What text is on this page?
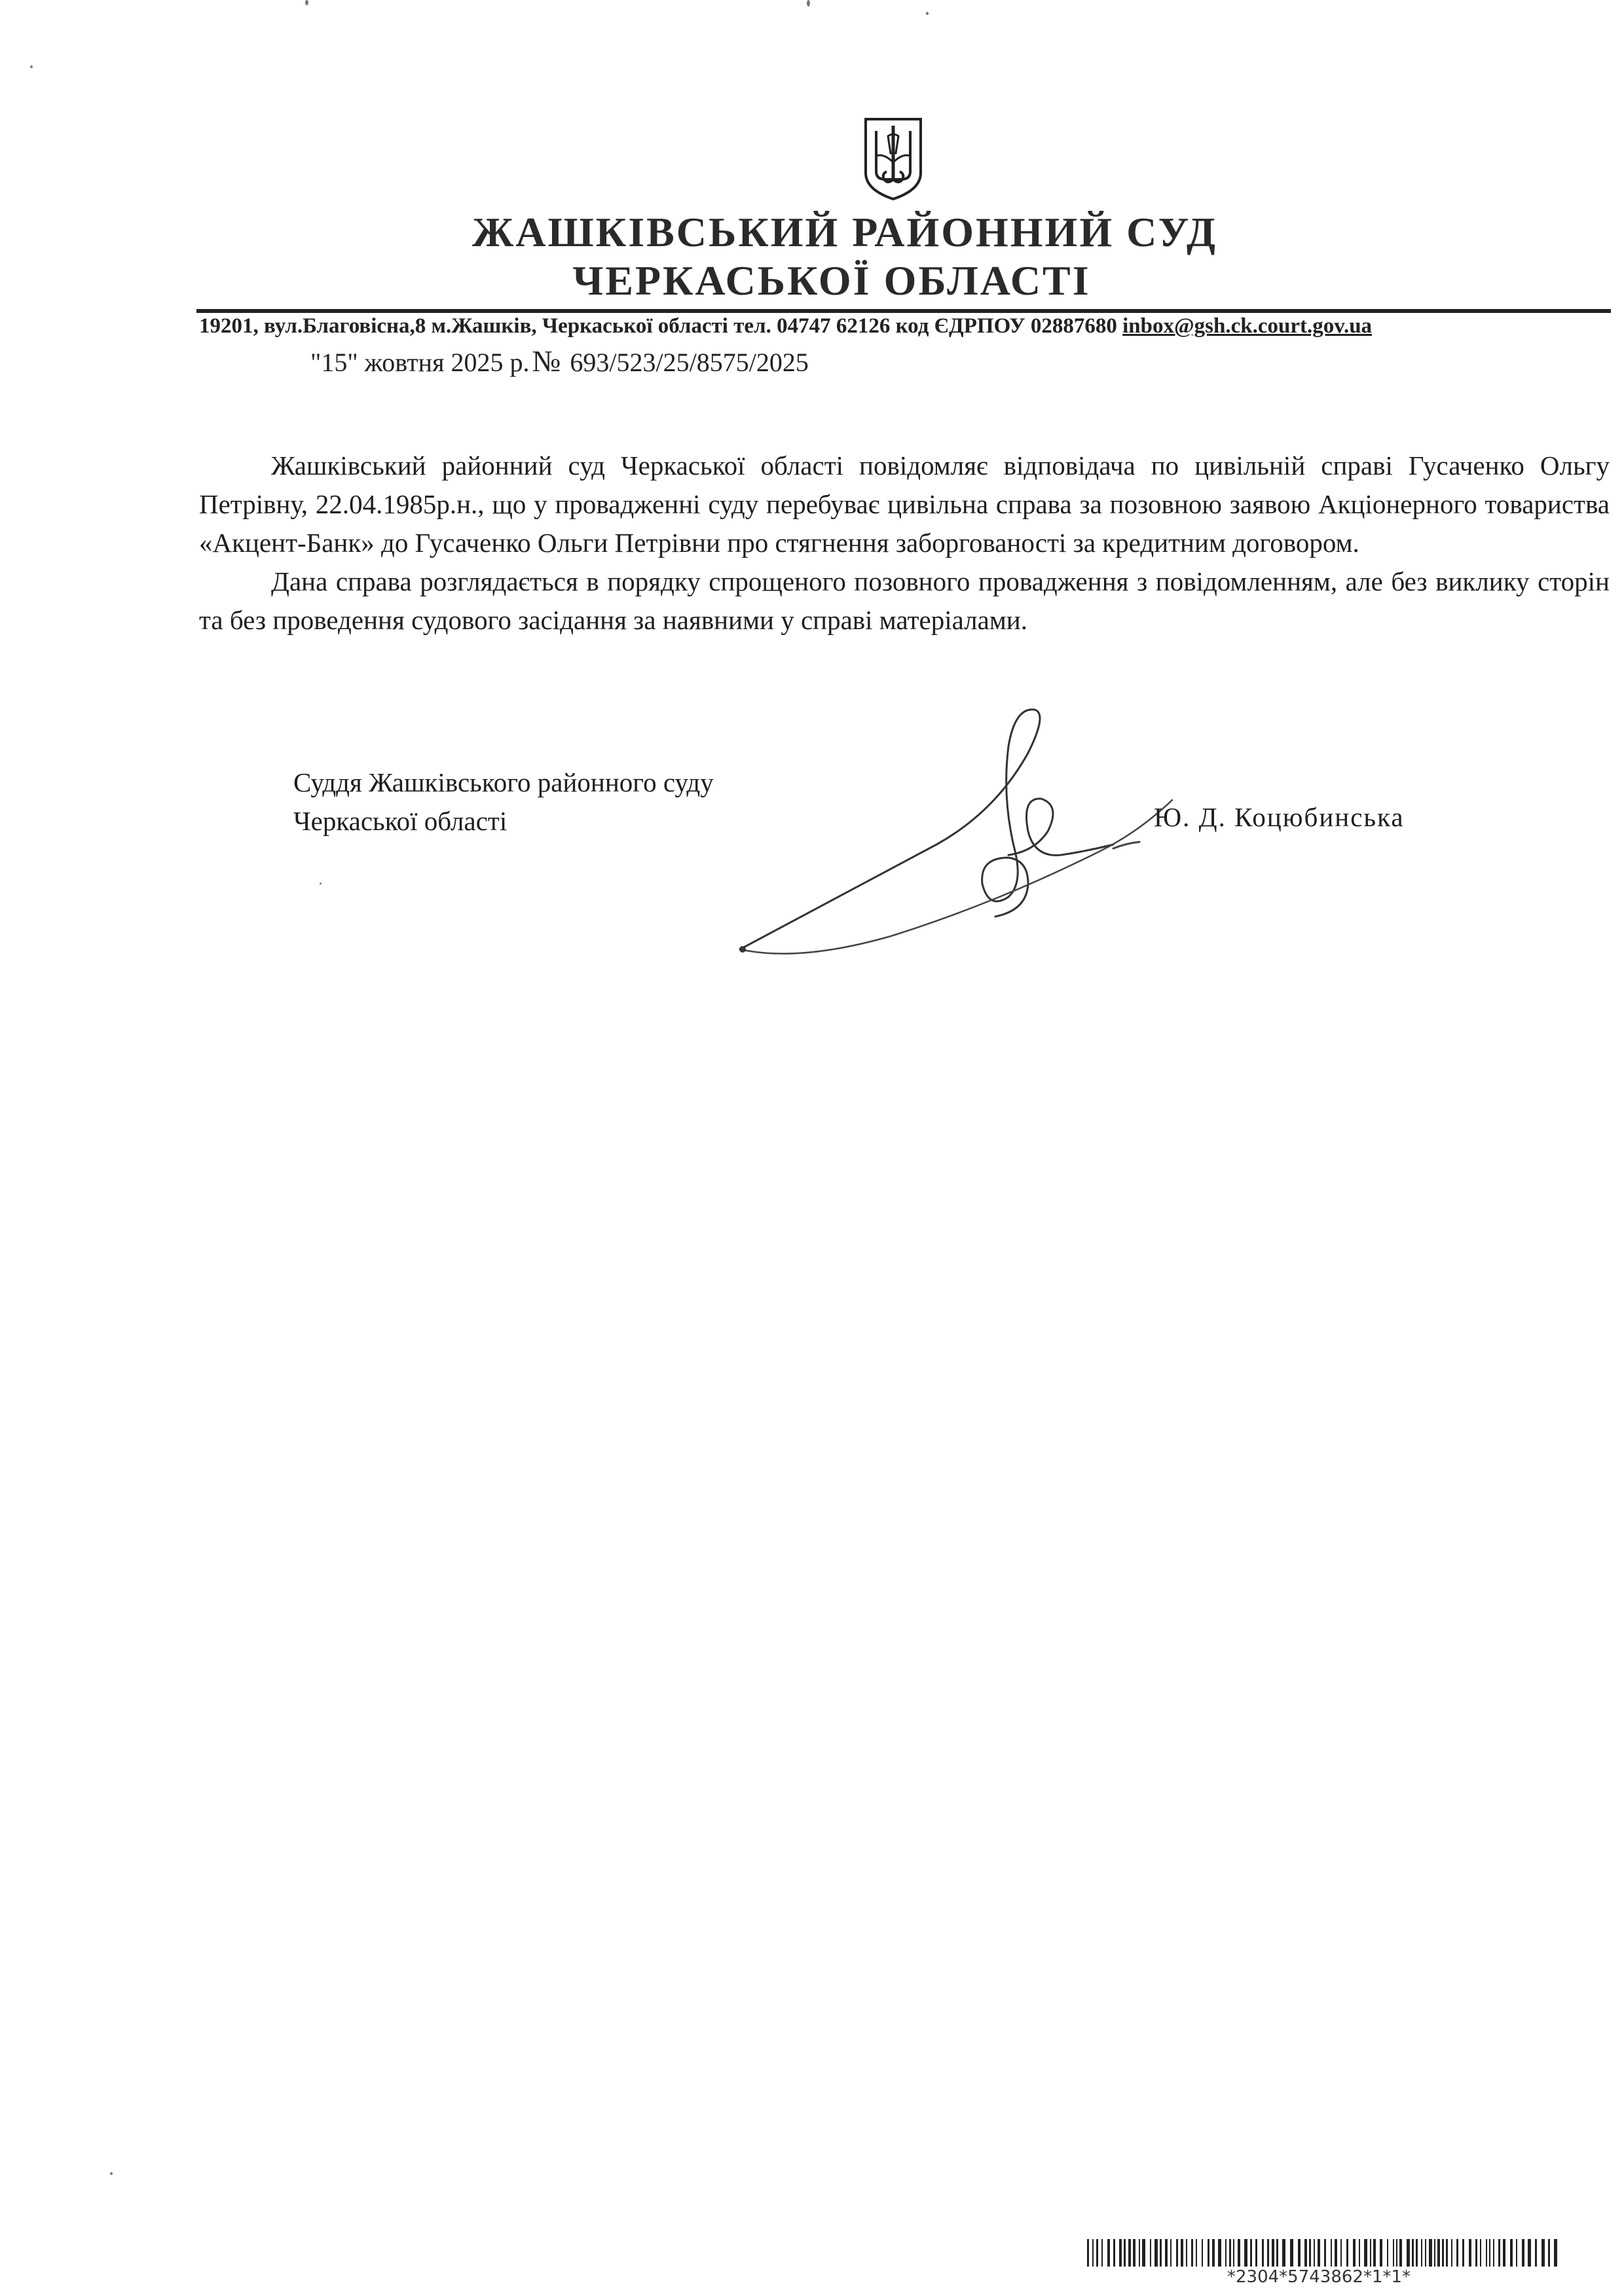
ЖАШКІВСЬКИЙ РАЙОННИЙ СУД
ЧЕРКАСЬКОЇ ОБЛАСТІ
19201, вул.Благовісна,8 м.Жашків, Черкаської області тел. 04747 62126 код ЄДРПОУ 02887680 inbox@gsh.ck.court.gov.ua
"15" жовтня 2025 р.№ 693/523/25/8575/2025

Жашківський районний суд Черкаської області повідомляє відповідача по цивільній справі Гусаченко Ольгу Петрівну, 22.04.1985р.н., що у провадженні суду перебуває цивільна справа за позовною заявою Акціонерного товариства «Акцент-Банк» до Гусаченко Ольги Петрівни про стягнення заборгованості за кредитним договором.

Дана справа розглядається в порядку спрощеного позовного провадження з повідомленням, але без виклику сторін та без проведення судового засідання за наявними у справі матеріалами.

Суддя Жашківського районного суду
Черкаської області	Ю. Д. Коцюбинська
*2304*5743862*1*1*
